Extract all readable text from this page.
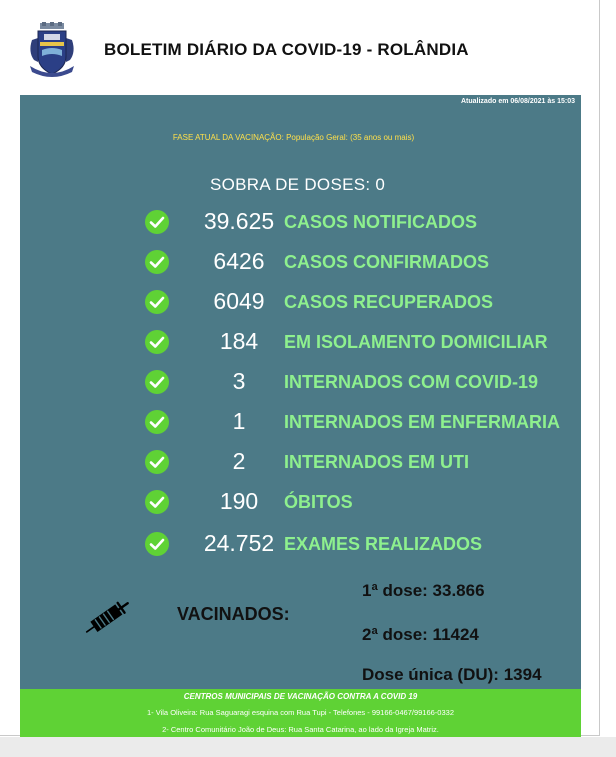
BOLETIM DIÁRIO DA COVID-19 - ROLÂNDIA
Atualizado em 06/08/2021 às 15:03
FASE ATUAL DA VACINAÇÃO: População Geral: (35 anos ou mais)
SOBRA DE DOSES: 0
39.625 CASOS NOTIFICADOS
6426	CASOS CONFIRMADOS
6049	CASOS RECUPERADOS
184	EM ISOLAMENTO DOMICILIAR
3	INTERNADOS COM COVID-19
1	INTERNADOS EM ENFERMARIA
2	INTERNADOS EM UTI
190	ÓBITOS
24.752 EXAMES REALIZADOS
VACINADOS:
1ª dose: 33.866
2ª dose: 11424
Dose única (DU): 1394
CENTROS MUNICIPAIS DE VACINAÇÃO CONTRA A COVID 19
1- Vila Oliveira: Rua Saguaragi esquina com Rua Tupi - Telefones - 99166-0467/99166-0332
2- Centro Comunitário João de Deus: Rua Santa Catarina, ao lado da Igreja Matriz.
